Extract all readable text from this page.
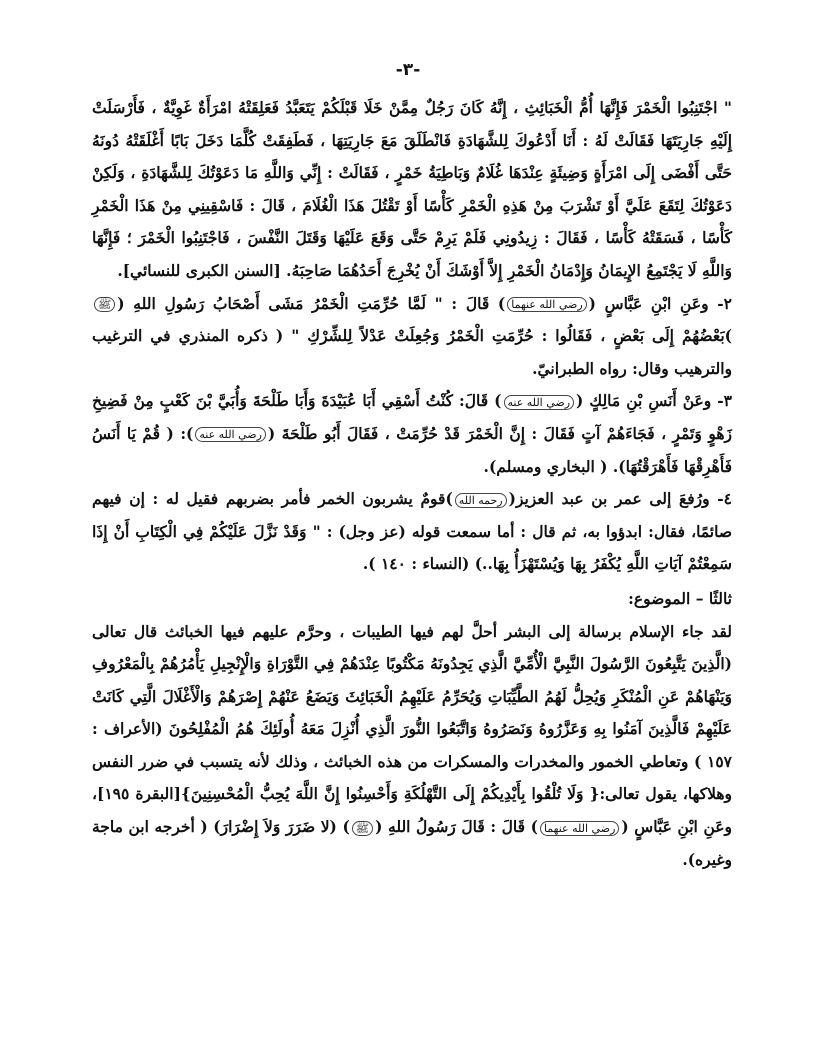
-٣-

" اجْتَنِبُوا الْخَمْرَ فَإِنَّهَا أُمُّ الْخَبَائِثِ ، إِنَّهُ كَانَ رَجُلٌ مِمَّنْ خَلَا قَبْلَكُمْ يَتَعَبَّدُ فَعَلِقَتْهُ امْرَأَةٌ غَوِيَّةٌ ، فَأَرْسَلَتْ إِلَيْهِ جَارِيَتَهَا فَقَالَتْ لَهُ : أَنَا أَدْعُوكَ لِلشَّهَادَةِ فَانْطَلَقَ مَعَ جَارِيَتِهَا ، فَطَفِقَتْ كُلَّمَا دَخَلَ بَابًا أَغْلَقَتْهُ دُونَهُ حَتَّى أَفْضَى إِلَى امْرَأَةٍ وَضِيئَةٍ عِنْدَهَا غُلَامٌ وَبَاطِيَةُ خَمْرٍ ، فَقَالَتْ : إِنِّي وَاللَّهِ مَا دَعَوْتُكَ لِلشَّهَادَةِ ، وَلَكِنْ دَعَوْتُكَ لِتَقَعَ عَلَيَّ أَوْ تَشْرَبَ مِنْ هَذِهِ الْخَمْرِ كَأْسًا أَوْ تَقْتُلَ هَذَا الْغُلَامَ ، قَالَ : فَاسْقِينِي مِنْ هَذَا الْخَمْرِ كَأْسًا ، فَسَقَتْهُ كَأْسًا ، فَقَالَ : زِيدُونِي فَلَمْ يَرِمْ حَتَّى وَقَعَ عَلَيْهَا وَقَتَلَ النَّفْسَ ، فَاجْتَنِبُوا الْخَمْرَ ؛ فَإِنَّهَا وَاللَّهِ لَا يَجْتَمِعُ الإِيمَانُ وَإِدْمَانُ الْخَمْرِ إِلاَّ أَوْشَكَ أَنْ يُخْرِجَ أَحَدُهُمَا صَاحِبَهُ. [السنن الكبرى للنسائي].

٢- وعَنِ ابْنِ عَبَّاسٍ (رضي الله عنهما) قَالَ : " لَمَّا حُرِّمَتِ الْخَمْرُ مَشَى أَصْحَابُ رَسُولِ اللهِ (ﷺ)بَعْضُهُمْ إِلَى بَعْضٍ ، فَقَالُوا : حُرِّمَتِ الْخَمْرُ وَجُعِلَتْ عَدْلاً لِلشِّرْكِ " ( ذكره المنذري في الترغيب والترهيب وقال: رواه الطبرانيّ.

٣- وعَنْ أَنَسِ بْنِ مَالِكٍ (رضي الله عنه) قَالَ: كُنْتُ أَسْقِي أَبَا عُبَيْدَةَ وَأَبَا طَلْحَةَ وَأُبَيَّ بْنَ كَعْبٍ مِنْ فَضِيخِ زَهْوٍ وَتَمْرٍ ، فَجَاءَهُمْ آتٍ فَقَالَ : إِنَّ الْخَمْرَ قَدْ حُرِّمَتْ ، فَقَالَ أَبُو طَلْحَةَ (رضي الله عنه): ( قُمْ يَا أَنَسُ فَأَهْرِقْهَا فَأَهْرَقْتُهَا). ( البخاري ومسلم).

٤- ورُفعَ إلى عمر بن عبد العزيز(رحمه الله)قومٌ يشربون الخمر فأمر بضربهم فقيل له : إن فيهم صائمًا، فقال: ابدؤوا به، ثم قال : أما سمعت قوله (عز وجل) : " وَقَدْ نَزَّلَ عَلَيْكُمْ فِي الْكِتَابِ أَنْ إِذَا سَمِعْتُمْ آيَاتِ اللَّهِ يُكْفَرُ بِهَا وَيُسْتَهْزَأُ بِهَا..) (النساء : ١٤٠ ).

ثالثًا – الموضوع:

لقد جاء الإسلام برسالة إلى البشر أحلَّ لهم فيها الطيبات ، وحرَّم عليهم فيها الخبائث قال تعالى (الَّذِينَ يَتَّبِعُونَ الرَّسُولَ النَّبِيَّ الْأُمِّيَّ الَّذِي يَجِدُونَهُ مَكْتُوبًا عِنْدَهُمْ فِي التَّوْرَاةِ وَالْإِنْجِيلِ يَأْمُرُهُمْ بِالْمَعْرُوفِ وَيَنْهَاهُمْ عَنِ الْمُنْكَرِ وَيُحِلُّ لَهُمُ الطَّيِّبَاتِ وَيُحَرِّمُ عَلَيْهِمُ الْخَبَائِثَ وَيَضَعُ عَنْهُمْ إِصْرَهُمْ وَالْأَغْلَالَ الَّتِي كَانَتْ عَلَيْهِمْ فَالَّذِينَ آمَنُوا بِهِ وَعَزَّرُوهُ وَنَصَرُوهُ وَاتَّبَعُوا النُّورَ الَّذِي أُنْزِلَ مَعَهُ أُولَئِكَ هُمُ الْمُفْلِحُونَ (الأعراف : ١٥٧ ) وتعاطي الخمور والمخدرات والمسكرات من هذه الخبائث ، وذلك لأنه يتسبب في ضرر النفس وهلاكها، يقول تعالى:{ وَلَا تُلْقُوا بِأَيْدِيكُمْ إِلَى التَّهْلُكَةِ وَأَحْسِنُوا إِنَّ اللَّهَ يُحِبُّ الْمُحْسِنِينَ}[البقرة ١٩٥]، وعَنِ ابْنِ عَبَّاسٍ (رضي الله عنهما) قَالَ : قَالَ رَسُولُ اللهِ (ﷺ) (لا ضَرَرَ وَلاَ إِضْرَارَ) ( أخرجه ابن ماجة وغيره).
